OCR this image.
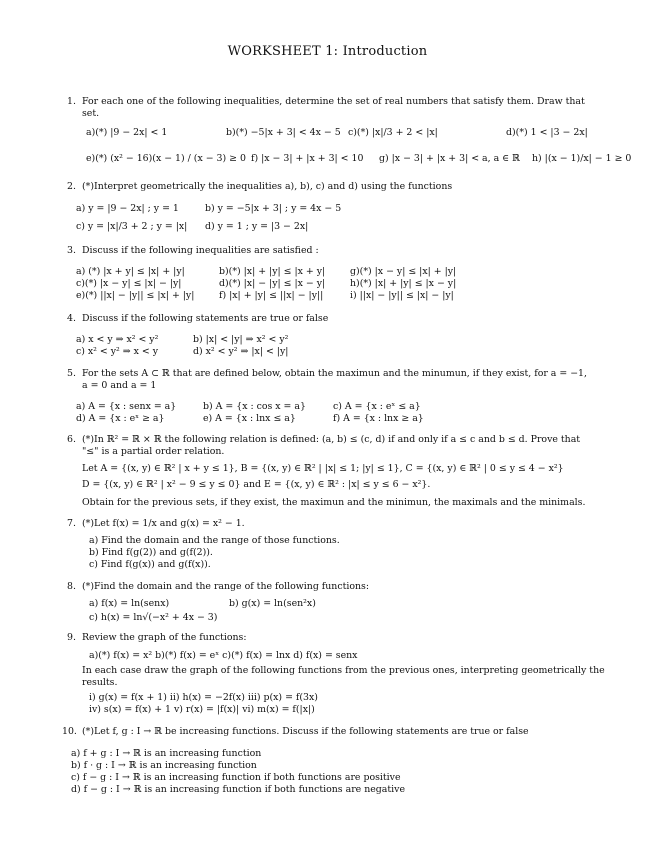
WORKSHEET 1: Introduction
1. For each one of the following inequalities, determine the set of real numbers that satisfy them. Draw that
set.
a)(*) |9 − 2x| < 1	b)(*) −5|x + 3| < 4x − 5 c)(*) |x|/3 + 2 < |x|	d)(*) 1 < |3 − 2x|
e)(*) (x² − 16)(x − 1) / (x − 3) ≥ 0 f) |x − 3| + |x + 3| < 10 g) |x − 3| + |x + 3| < a, a ∈ ℝ h) |(x − 1)/x| − 1 ≥ 0
2. (*)Interpret geometrically the inequalities a), b), c) and d) using the functions
a) y = |9 − 2x| ; y = 1	b) y = −5|x + 3| ; y = 4x − 5
c) y = |x|/3 + 2 ; y = |x| d) y = 1 ; y = |3 − 2x|
3. Discuss if the following inequalities are satisfied :
a) (*) |x + y| ≤ |x| + |y|	b)(*) |x| + |y| ≤ |x + y|	g)(*) |x − y| ≤ |x| + |y|
c)(*) |x − y| ≤ |x| − |y|	d)(*) |x| − |y| ≤ |x − y|	h)(*) |x| + |y| ≤ |x − y|
e)(*) ||x| − |y|| ≤ |x| + |y|	f) |x| + |y| ≤ ||x| − |y||	i) ||x| − |y|| ≤ |x| − |y|
4. Discuss if the following statements are true or false
a) x < y ⇒ x² < y²	b) |x| < |y| ⇒ x² < y²
c) x² < y² ⇒ x < y	d) x² < y² ⇒ |x| < |y|
5. For the sets A ⊂ ℝ that are defined below, obtain the maximun and the minumun, if they exist, for a = −1,
a = 0 and a = 1
a) A = {x : senx = a}	b) A = {x : cos x = a}	c) A = {x : eˣ ≤ a}
d) A = {x : eˣ ≥ a}	e) A = {x : lnx ≤ a}	f) A = {x : lnx ≥ a}
6. (*)In ℝ² = ℝ × ℝ the following relation is defined: (a, b) ≤ (c, d) if and only if a ≤ c and b ≤ d. Prove that
"≤" is a partial order relation.
Let A = {(x, y) ∈ ℝ² | x + y ≤ 1}, B = {(x, y) ∈ ℝ² | |x| ≤ 1; |y| ≤ 1}, C = {(x, y) ∈ ℝ² | 0 ≤ y ≤ 4 − x²}
D = {(x, y) ∈ ℝ² | x² − 9 ≤ y ≤ 0} and E = {(x, y) ∈ ℝ² : |x| ≤ y ≤ 6 − x²}.
Obtain for the previous sets, if they exist, the maximun and the minimun, the maximals and the minimals.
7. (*)Let f(x) = 1/x and g(x) = x² − 1.
a) Find the domain and the range of those functions.
b) Find f(g(2)) and g(f(2)).
c) Find f(g(x)) and g(f(x)).
8. (*)Find the domain and the range of the following functions:
a) f(x) = ln(senx)	b) g(x) = ln(sen²x)
c) h(x) = ln√(−x² + 4x − 3)
9. Review the graph of the functions:
a)(*) f(x) = x² b)(*) f(x) = eˣ c)(*) f(x) = lnx d) f(x) = senx
In each case draw the graph of the following functions from the previous ones, interpreting geometrically the
results.
i) g(x) = f(x + 1) ii) h(x) = −2f(x) iii) p(x) = f(3x)
iv) s(x) = f(x) + 1 v) r(x) = |f(x)| vi) m(x) = f(|x|)
10. (*)Let f, g : I → ℝ be increasing functions. Discuss if the following statements are true or false
a) f + g : I → ℝ is an increasing function
b) f · g : I → ℝ is an increasing function
c) f − g : I → ℝ is an increasing function if both functions are positive
d) f − g : I → ℝ is an increasing function if both functions are negative
